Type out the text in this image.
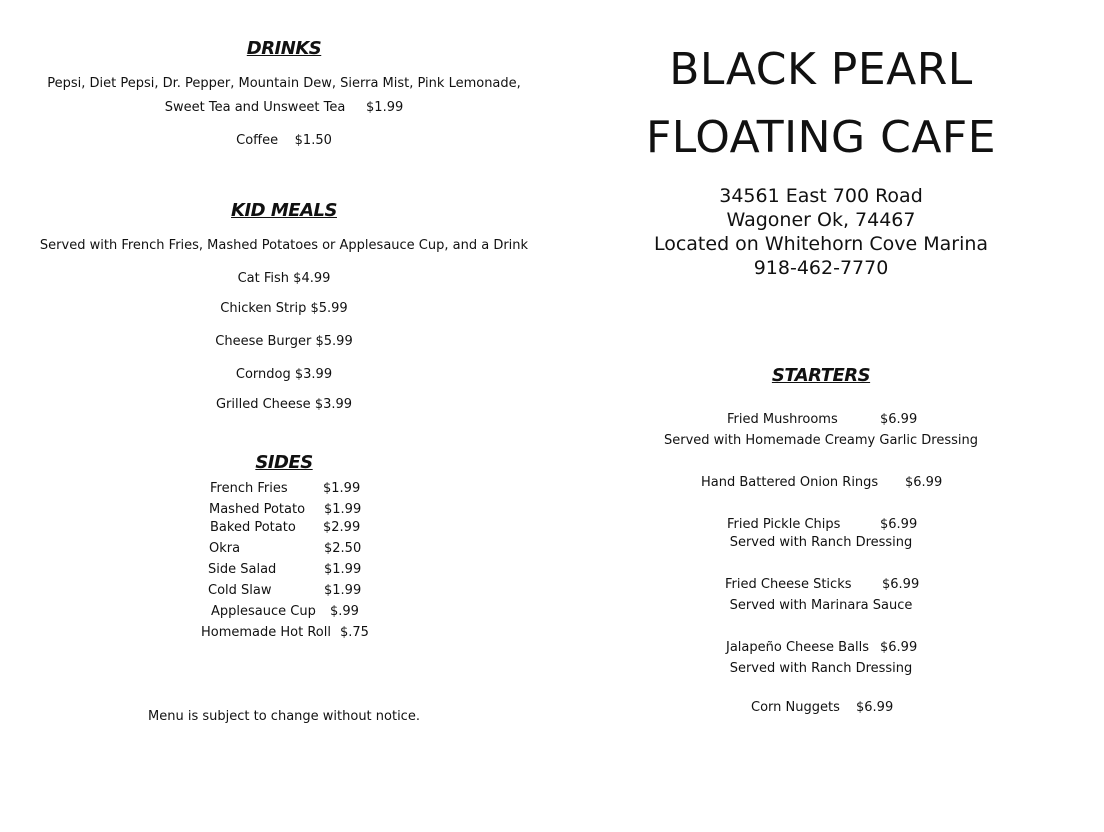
DRINKS
Pepsi, Diet Pepsi, Dr. Pepper, Mountain Dew, Sierra Mist, Pink Lemonade,
Sweet Tea and Unsweet Tea     $1.99
Coffee    $1.50
KID MEALS
Served with French Fries, Mashed Potatoes or Applesauce Cup, and a Drink
Cat Fish $4.99
Chicken Strip $5.99
Cheese Burger $5.99
Corndog $3.99
Grilled Cheese $3.99
SIDES
French Fries	$1.99
Mashed Potato $1.99
Baked Potato $2.99
Okra	$2.50
Side Salad	$1.99
Cold Slaw	$1.99
Applesauce Cup $.99
Homemade Hot Roll $.75
Menu is subject to change without notice.
BLACK PEARL
FLOATING CAFE
34561 East 700 Road
Wagoner Ok, 74467
Located on Whitehorn Cove Marina
918-462-7770
STARTERS
Fried Mushrooms	$6.99
Served with Homemade Creamy Garlic Dressing
Hand Battered Onion Rings $6.99
Fried Pickle Chips	$6.99
Served with Ranch Dressing
Fried Cheese Sticks $6.99
Served with Marinara Sauce
Jalapeño Cheese Balls $6.99
Served with Ranch Dressing
Corn Nuggets $6.99
